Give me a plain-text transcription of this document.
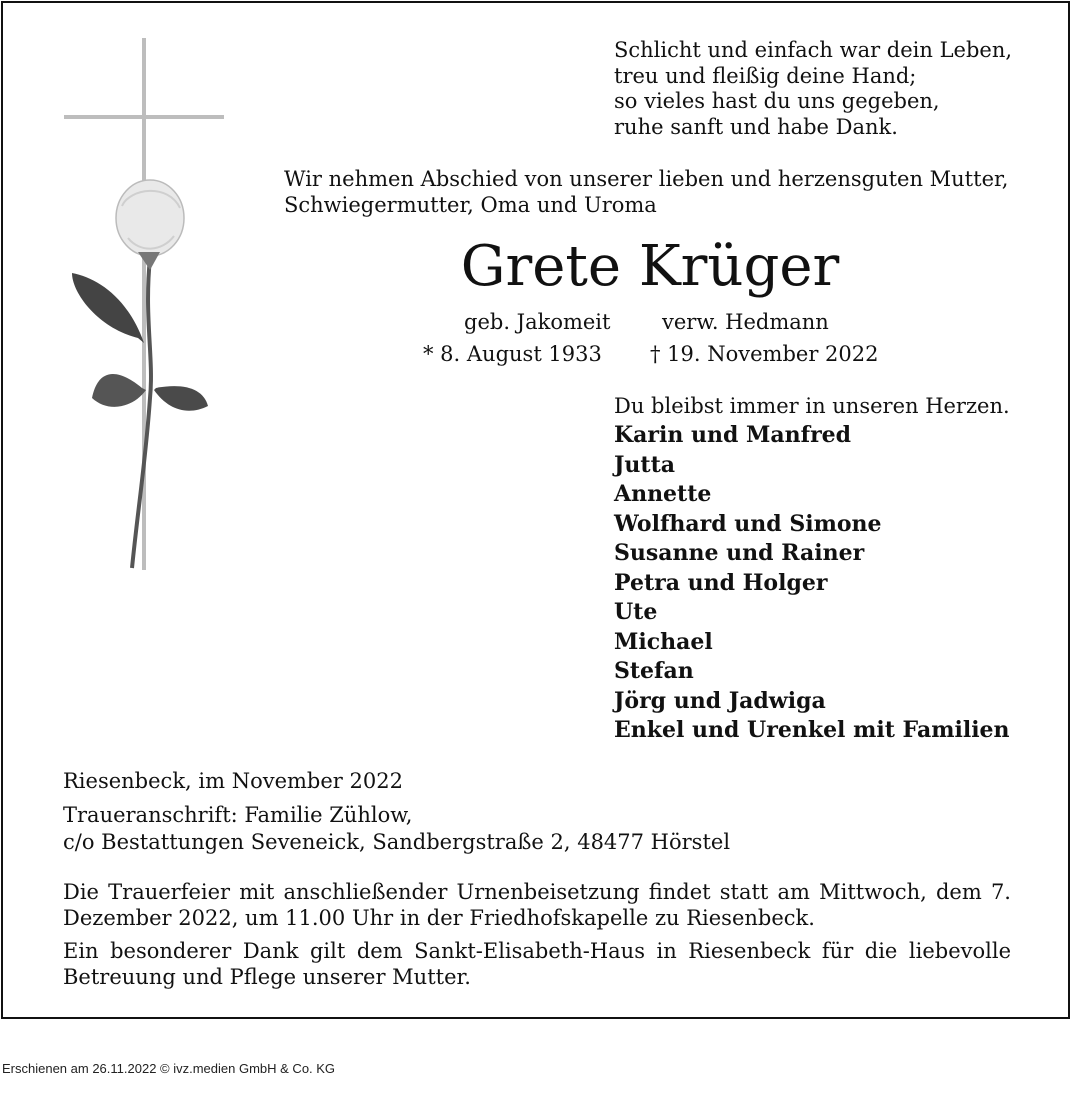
Schlicht und einfach war dein Leben,
treu und fleißig deine Hand;
so vieles hast du uns gegeben,
ruhe sanft und habe Dank.
Wir nehmen Abschied von unserer lieben und herzensguten Mutter,
Schwiegermutter, Oma und Uroma
Grete Krüger
geb. Jakomeit verw. Hedmann
* 8. August 1933 † 19. November 2022
Du bleibst immer in unseren Herzen.
Karin und Manfred
Jutta
Annette
Wolfhard und Simone
Susanne und Rainer
Petra und Holger
Ute
Michael
Stefan
Jörg und Jadwiga
Enkel und Urenkel mit Familien
Riesenbeck, im November 2022
Traueranschrift: Familie Zühlow,
c/o Bestattungen Seveneick, Sandbergstraße 2, 48477 Hörstel
Die Trauerfeier mit anschließender Urnenbeisetzung findet statt am Mittwoch, dem 7. Dezember 2022, um 11.00 Uhr in der Friedhofskapelle zu Riesenbeck.
Ein besonderer Dank gilt dem Sankt-Elisabeth-Haus in Riesenbeck für die liebevolle Betreuung und Pflege unserer Mutter.
Erschienen am 26.11.2022 © ivz.medien GmbH & Co. KG
